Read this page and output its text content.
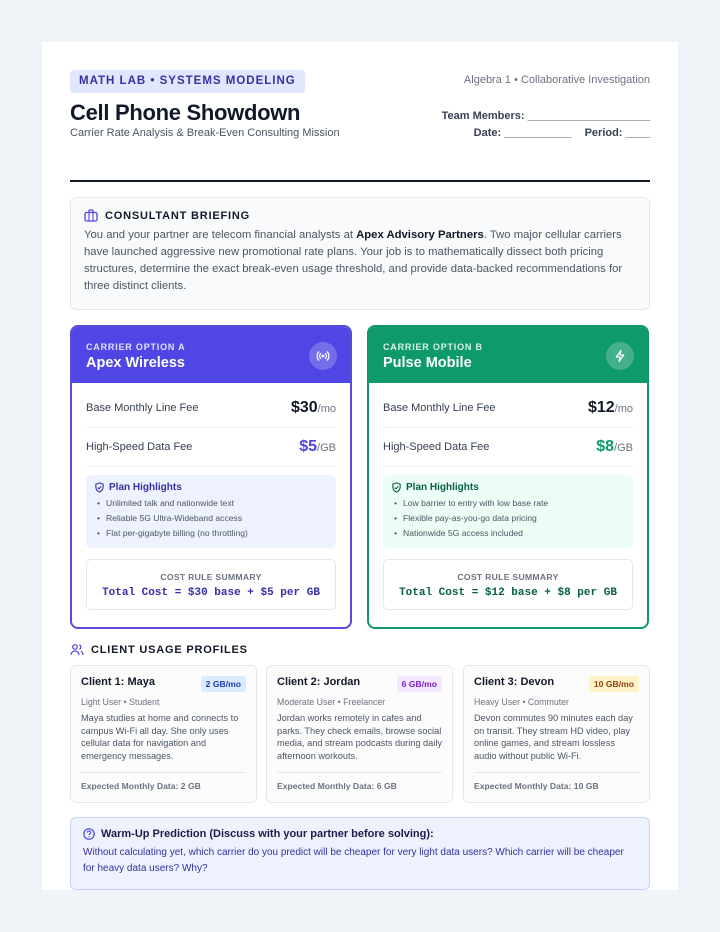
MATH LAB • SYSTEMS MODELING	Algebra 1 • Collaborative Investigation
Cell Phone Showdown
Carrier Rate Analysis & Break-Even Consulting Mission
Team Members: ____________________
Date: ___________ Period: ____
CONSULTANT BRIEFING

You and your partner are telecom financial analysts at Apex Advisory Partners. Two major cellular carriers have launched aggressive new promotional rate plans. Your job is to mathematically dissect both pricing structures, determine the exact break-even usage threshold, and provide data-backed recommendations for three distinct clients.

CARRIER OPTION A
Apex Wireless
Base Monthly Line Fee	$30/mo
High-Speed Data Fee	$5/GB
Plan Highlights
• Unlimited talk and nationwide text
• Reliable 5G Ultra-Wideband access
• Flat per-gigabyte billing (no throttling)
COST RULE SUMMARY
Total Cost = $30 base + $5 per GB
CARRIER OPTION B
Pulse Mobile
Base Monthly Line Fee	$12/mo
High-Speed Data Fee	$8/GB
Plan Highlights
• Low barrier to entry with low base rate
• Flexible pay-as-you-go data pricing
• Nationwide 5G access included
COST RULE SUMMARY
Total Cost = $12 base + $8 per GB
CLIENT USAGE PROFILES
Client 1: Maya	2 GB/mo
Light User • Student
Maya studies at home and connects to campus Wi-Fi all day. She only uses cellular data for navigation and emergency messages.
Expected Monthly Data: 2 GB
Client 2: Jordan	6 GB/mo
Moderate User • Freelancer
Jordan works remotely in cafes and parks. They check emails, browse social media, and stream podcasts during daily afternoon workouts.
Expected Monthly Data: 6 GB
Client 3: Devon	10 GB/mo
Heavy User • Commuter
Devon commutes 90 minutes each day on transit. They stream HD video, play online games, and stream lossless audio without public Wi-Fi.
Expected Monthly Data: 10 GB
Warm-Up Prediction (Discuss with your partner before solving):
Without calculating yet, which carrier do you predict will be cheaper for very light data users? Which carrier will be cheaper for heavy data users? Why?
